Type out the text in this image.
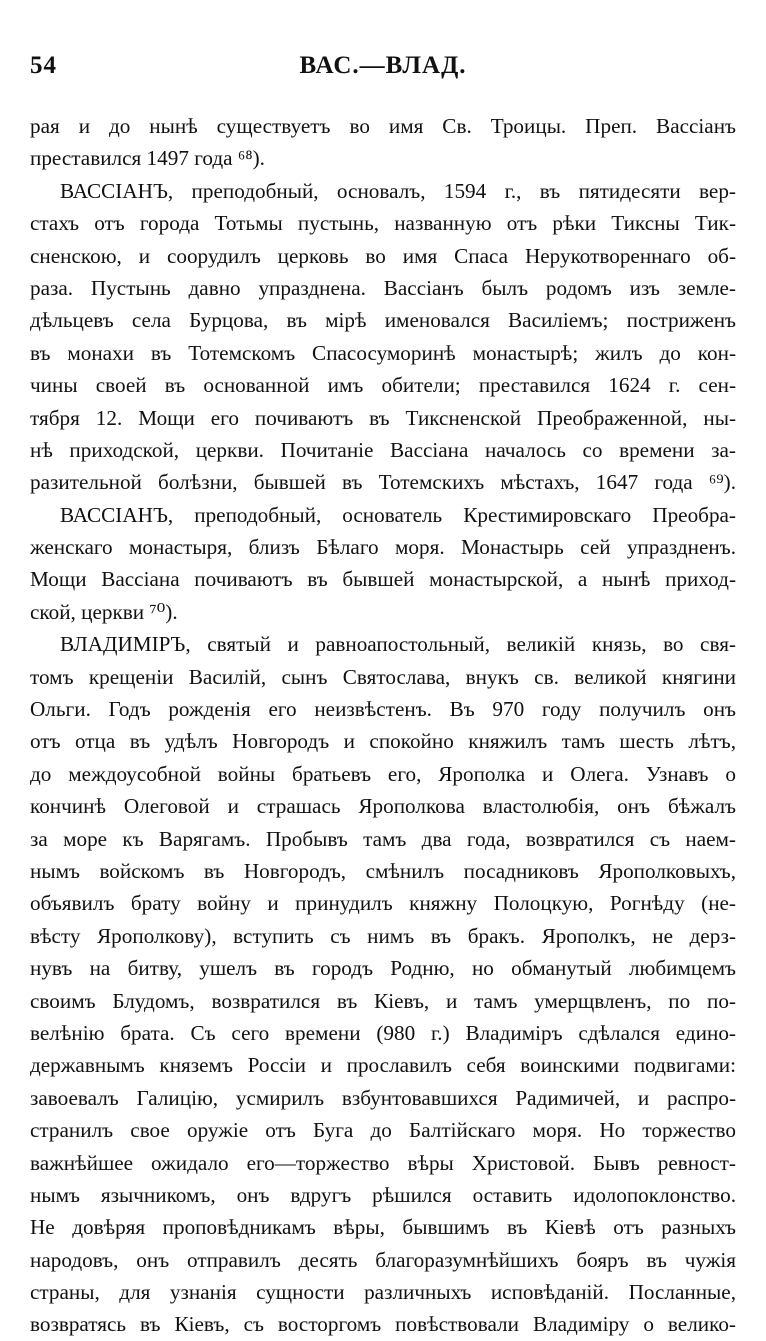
54	ВАС.—ВЛАД.
рая и до нынѣ существуетъ во имя Св. Троицы. Преп. Вассіанъ
преставился 1497 года ⁶⁸).
ВАССІАНЪ, преподобный, основалъ, 1594 г., въ пятидесяти вер-
стахъ отъ города Тотьмы пустынь, названную отъ рѣки Тиксны Тик-
сненскою, и соорудилъ церковь во имя Спаса Нерукотвореннаго об-
раза. Пустынь давно упразднена. Вассіанъ былъ родомъ изъ земле-
дѣльцевъ села Бурцова, въ мірѣ именовался Василіемъ; постриженъ
въ монахи въ Тотемскомъ Спасосуморинѣ монастырѣ; жилъ до кон-
чины своей въ основанной имъ обители; преставился 1624 г. сен-
тября 12. Мощи его почиваютъ въ Тиксненской Преображенной, ны-
нѣ приходской, церкви. Почитаніе Вассіана началось со времени за-
разительной болѣзни, бывшей въ Тотемскихъ мѣстахъ, 1647 года ⁶⁹).
ВАССІАНЪ, преподобный, основатель Крестимировскаго Преобра-
женскаго монастыря, близъ Бѣлаго моря. Монастырь сей упраздненъ.
Мощи Вассіана почиваютъ въ бывшей монастырской, а нынѣ приход-
ской, церкви ⁷⁰).
ВЛАДИМІРЪ, святый и равноапостольный, великій князь, во свя-
томъ крещеніи Василій, сынъ Святослава, внукъ св. великой княгини
Ольги. Годъ рожденія его неизвѣстенъ. Въ 970 году получилъ онъ
отъ отца въ удѣлъ Новгородъ и спокойно княжилъ тамъ шесть лѣтъ,
до междоусобной войны братьевъ его, Ярополка и Олега. Узнавъ о
кончинѣ Олеговой и страшась Ярополкова властолюбія, онъ бѣжалъ
за море къ Варягамъ. Пробывъ тамъ два года, возвратился съ наем-
нымъ войскомъ въ Новгородъ, смѣнилъ посадниковъ Ярополковыхъ,
объявилъ брату войну и принудилъ княжну Полоцкую, Рогнѣду (не-
вѣсту Ярополкову), вступить съ нимъ въ бракъ. Ярополкъ, не дерз-
нувъ на битву, ушелъ въ городъ Родню, но обманутый любимцемъ
своимъ Блудомъ, возвратился въ Кіевъ, и тамъ умерщвленъ, по по-
велѣнію брата. Съ сего времени (980 г.) Владиміръ сдѣлался едино-
державнымъ княземъ Россіи и прославилъ себя воинскими подвигами:
завоевалъ Галицію, усмирилъ взбунтовавшихся Радимичей, и распро-
странилъ свое оружіе отъ Буга до Балтійскаго моря. Но торжество
важнѣйшее ожидало его—торжество вѣры Христовой. Бывъ ревност-
нымъ язычникомъ, онъ вдругъ рѣшился оставить идолопоклонство.
Не довѣряя проповѣдникамъ вѣры, бывшимъ въ Кіевѣ отъ разныхъ
народовъ, онъ отправилъ десять благоразумнѣйшихъ бояръ въ чужія
страны, для узнанія сущности различныхъ исповѣданій. Посланные,
возвратясь въ Кіевъ, съ восторгомъ повѣствовали Владиміру о велико-
